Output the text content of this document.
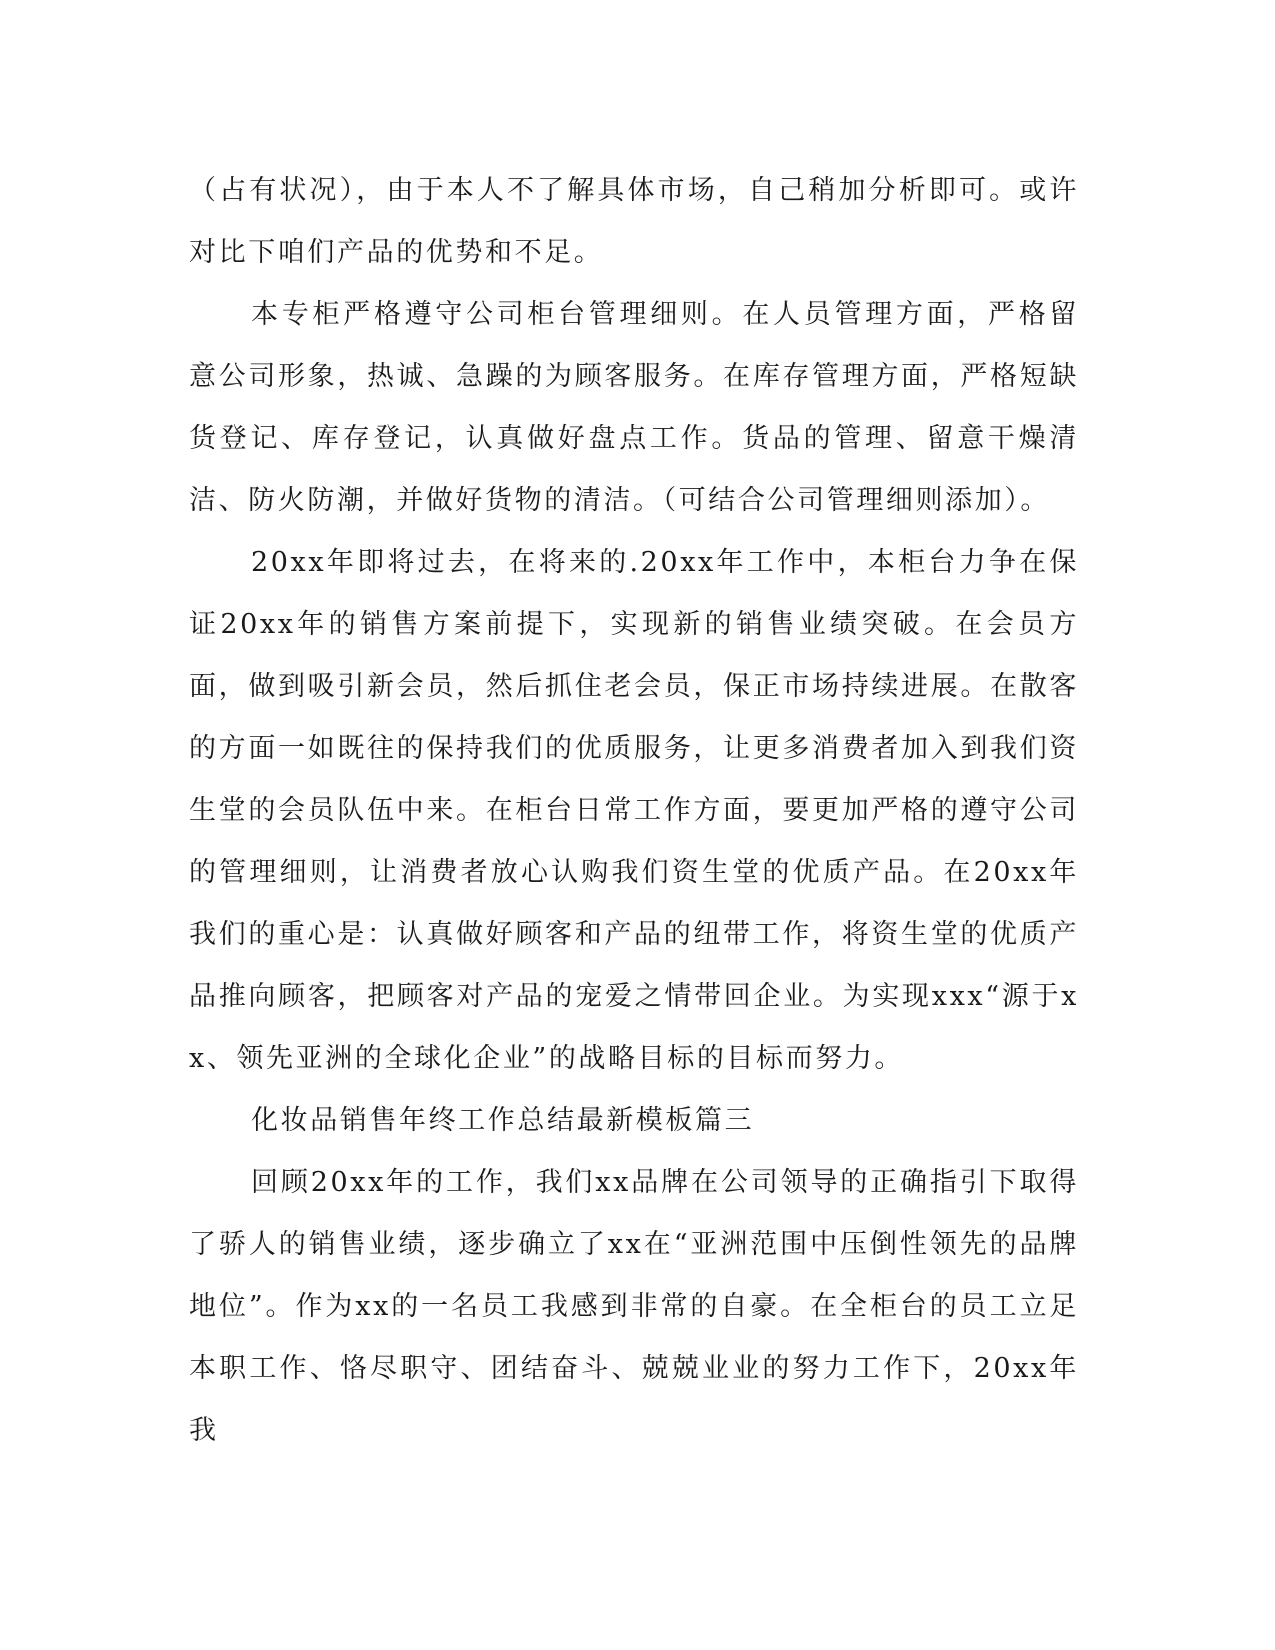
（占有状况），由于本人不了解具体市场，自己稍加分析即可。或许对比下咱们产品的优势和不足。

本专柜严格遵守公司柜台管理细则。在人员管理方面，严格留意公司形象，热诚、急躁的为顾客服务。在库存管理方面，严格短缺货登记、库存登记，认真做好盘点工作。货品的管理、留意干燥清洁、防火防潮，并做好货物的清洁。（可结合公司管理细则添加）。

20xx年即将过去，在将来的.20xx年工作中，本柜台力争在保证20xx年的销售方案前提下，实现新的销售业绩突破。在会员方面，做到吸引新会员，然后抓住老会员，保正市场持续进展。在散客的方面一如既往的保持我们的优质服务，让更多消费者加入到我们资生堂的会员队伍中来。在柜台日常工作方面，要更加严格的遵守公司的管理细则，让消费者放心认购我们资生堂的优质产品。在20xx年我们的重心是：认真做好顾客和产品的纽带工作，将资生堂的优质产品推向顾客，把顾客对产品的宠爱之情带回企业。为实现xxx“源于xx、领先亚洲的全球化企业”的战略目标的目标而努力。

化妆品销售年终工作总结最新模板篇三

回顾20xx年的工作，我们xx品牌在公司领导的正确指引下取得了骄人的销售业绩，逐步确立了xx在“亚洲范围中压倒性领先的品牌地位”。作为xx的一名员工我感到非常的自豪。在全柜台的员工立足本职工作、恪尽职守、团结奋斗、兢兢业业的努力工作下，20xx年我
